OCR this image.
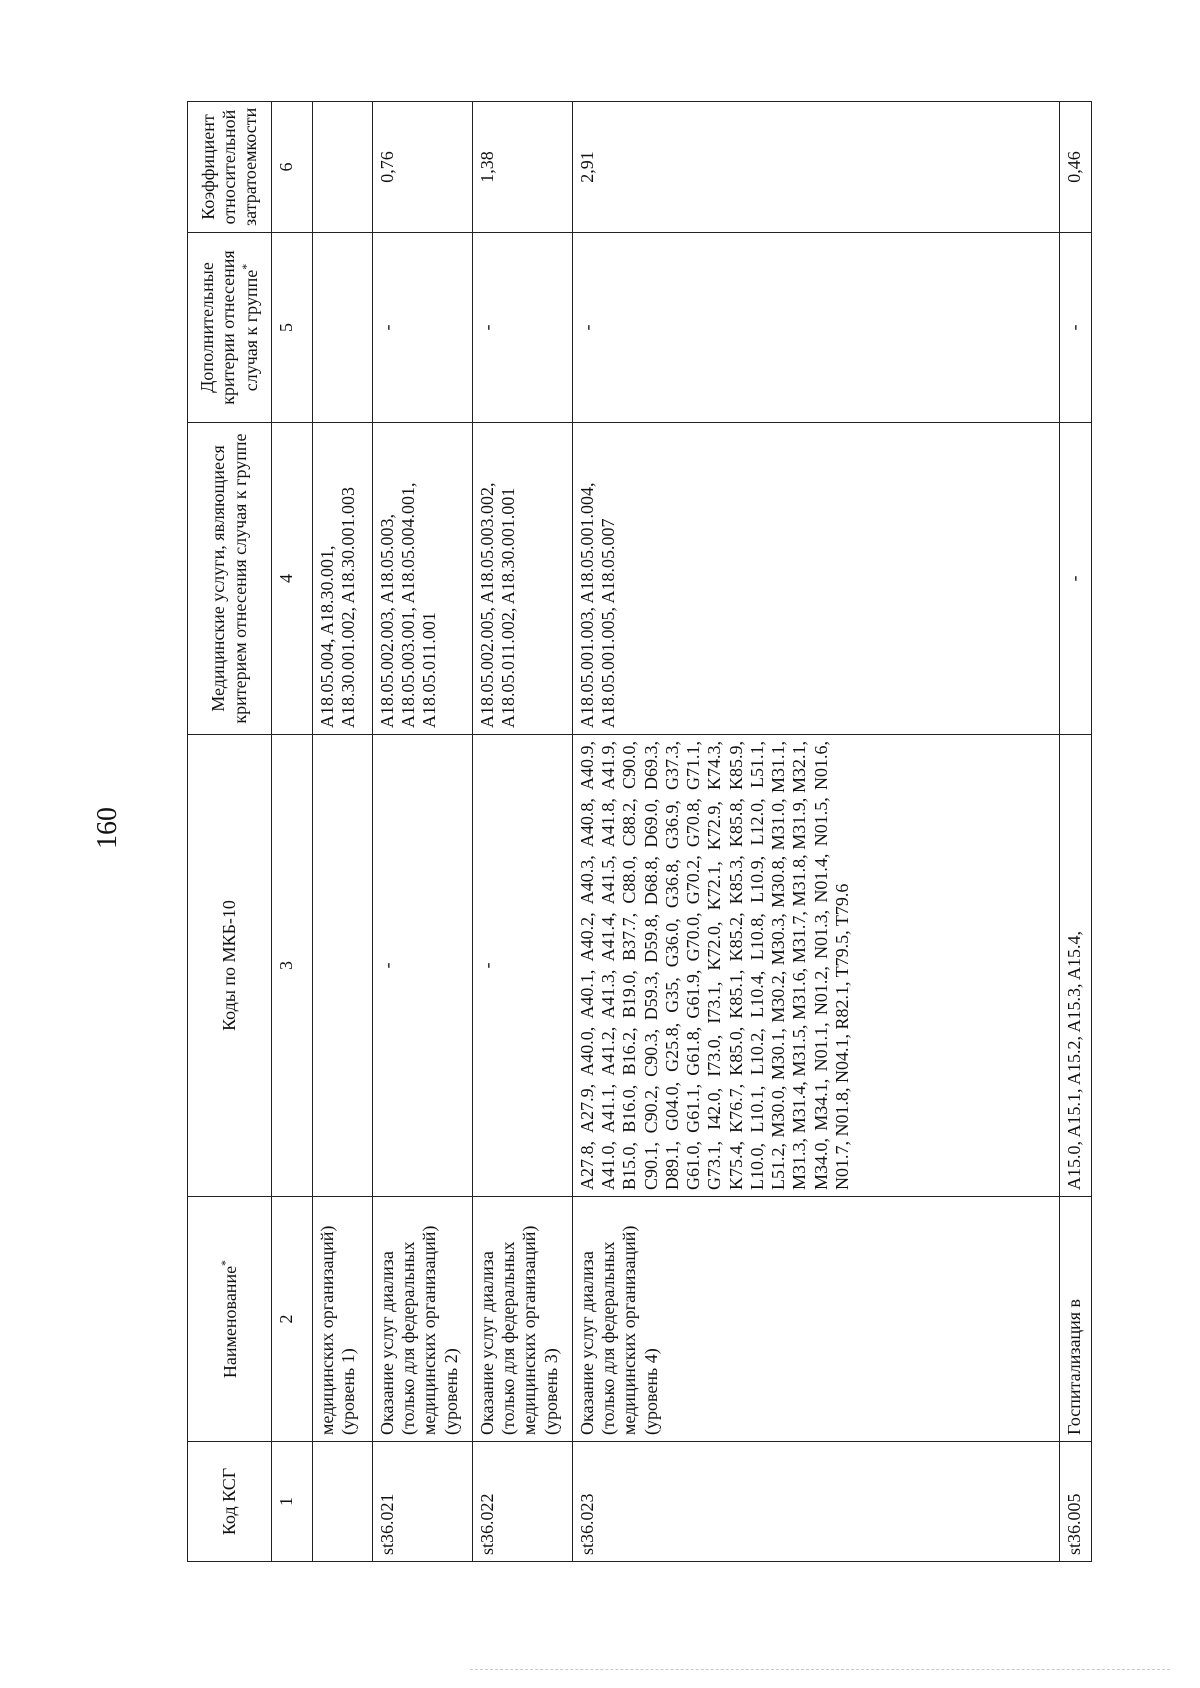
160
Код КСГ	Наименование*	Коды по МКБ-10	Медицинские услуги, являющиеся критерием отнесения случая к группе	Дополнительные критерии отнесения случая к группе*	Коэффициент относительной затратоемкости
1	2	3	4	5	6
	медицинских организаций) (уровень 1)		A18.05.004, A18.30.001, A18.30.001.002, A18.30.001.003		
st36.021	Оказание услуг диализа (только для федеральных медицинских организаций) (уровень 2)	-	A18.05.002.003, A18.05.003, A18.05.003.001, A18.05.004.001, A18.05.011.001	-	0,76
st36.022	Оказание услуг диализа (только для федеральных медицинских организаций) (уровень 3)	-	A18.05.002.005, A18.05.003.002, A18.05.011.002, A18.30.001.001	-	1,38
st36.023	Оказание услуг диализа (только для федеральных медицинских организаций) (уровень 4)	A27.8, A27.9, A40.0, A40.1, A40.2, A40.3, A40.8, A40.9, A41.0, A41.1, A41.2, A41.3, A41.4, A41.5, A41.8, A41.9, B15.0, B16.0, B16.2, B19.0, B37.7, C88.0, C88.2, C90.0, C90.1, C90.2, C90.3, D59.3, D59.8, D68.8, D69.0, D69.3, D89.1, G04.0, G25.8, G35, G36.0, G36.8, G36.9, G37.3, G61.0, G61.1, G61.8, G61.9, G70.0, G70.2, G70.8, G71.1, G73.1, I42.0, I73.0, I73.1, K72.0, K72.1, K72.9, K74.3, K75.4, K76.7, K85.0, K85.1, K85.2, K85.3, K85.8, K85.9, L10.0, L10.1, L10.2, L10.4, L10.8, L10.9, L12.0, L51.1, L51.2, M30.0, M30.1, M30.2, M30.3, M30.8, M31.0, M31.1, M31.3, M31.4, M31.5, M31.6, M31.7, M31.8, M31.9, M32.1, M34.0, M34.1, N01.1, N01.2, N01.3, N01.4, N01.5, N01.6, N01.7, N01.8, N04.1, R82.1, T79.5, T79.6	A18.05.001.003, A18.05.001.004, A18.05.001.005, A18.05.007	-	2,91
st36.005	Госпитализация в	A15.0, A15.1, A15.2, A15.3, A15.4,	-	-	0,46
